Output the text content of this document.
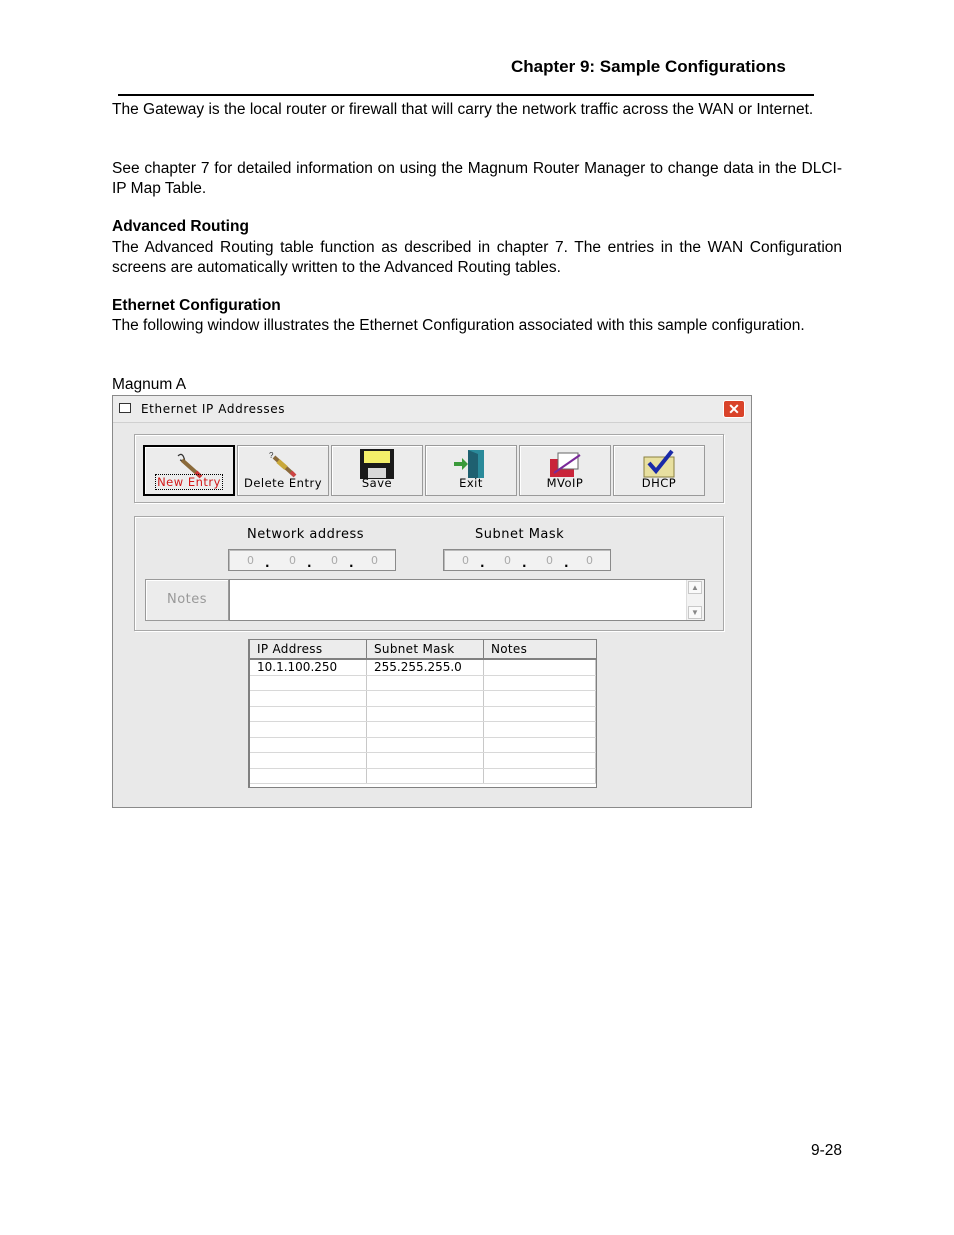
Chapter 9: Sample Configurations

The Gateway is the local router or firewall that will carry the network traffic across the WAN or Internet.

See chapter 7 for detailed information on using the Magnum Router Manager to change data in the DLCI-IP Map Table.

Advanced Routing

The Advanced Routing table function as described in chapter 7. The entries in the WAN Configuration screens are automatically written to the Advanced Routing tables.

Ethernet Configuration

The following window illustrates the Ethernet Configuration associated with this sample configuration.

Magnum A

Ethernet IP Addresses	✕
New Entry
?
Delete Entry	Save	Exit	MVoIP	DHCP
Network address	Subnet Mask
0 . 0 . 0 . 0	0 . 0 . 0 . 0
Notes
▲
▼
IP Address	Subnet Mask	Notes
10.1.100.250	255.255.255.0	

9-28
